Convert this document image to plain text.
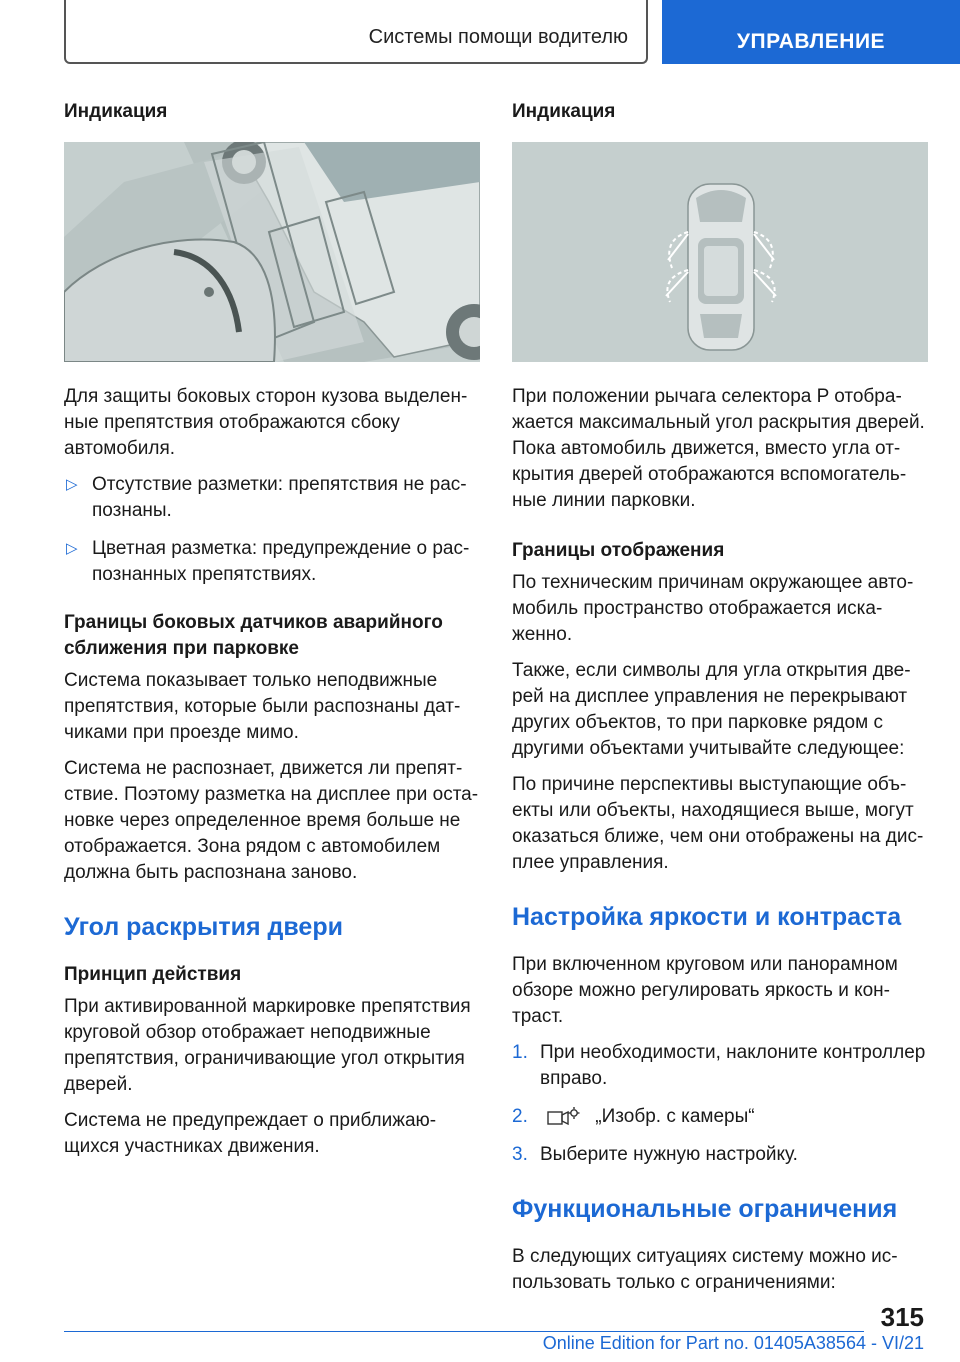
Системы помощи водителю	УПРАВЛЕНИЕ
Индикация

Для защиты боковых сторон кузова выделенные препятствия отображаются сбоку автомобиля.

▷ Отсутствие разметки: препятствия не распознаны.
▷ Цветная разметка: предупреждение о распознанных препятствиях.
Границы боковых датчиков аварийного сближения при парковке

Система показывает только неподвижные препятствия, которые были распознаны датчиками при проезде мимо.

Система не распознает, движется ли препятствие. Поэтому разметка на дисплее при остановке через определенное время больше не отображается. Зона рядом с автомобилем должна быть распознана заново.

Угол раскрытия двери
Принцип действия

При активированной маркировке препятствия круговой обзор отображает неподвижные препятствия, ограничивающие угол открытия дверей.

Система не предупреждает о приближающихся участниках движения.

Индикация

При положении рычага селектора P отображается максимальный угол раскрытия дверей. Пока автомобиль движется, вместо угла открытия дверей отображаются вспомогательные линии парковки.

Границы отображения

По техническим причинам окружающее автомобиль пространство отображается искаженно.

Также, если символы для угла открытия дверей на дисплее управления не перекрывают других объектов, то при парковке рядом с другими объектами учитывайте следующее:

По причине перспективы выступающие объекты или объекты, находящиеся выше, могут оказаться ближе, чем они отображены на дисплее управления.

Настройка яркости и контраста

При включенном круговом или панорамном обзоре можно регулировать яркость и контраст.

1. При необходимости, наклоните контроллер вправо.
2.	„Изобр. с камеры“
3. Выберите нужную настройку.
Функциональные ограничения

В следующих ситуациях систему можно использовать только с ограничениями:

315
Online Edition for Part no. 01405A38564 - VI/21
